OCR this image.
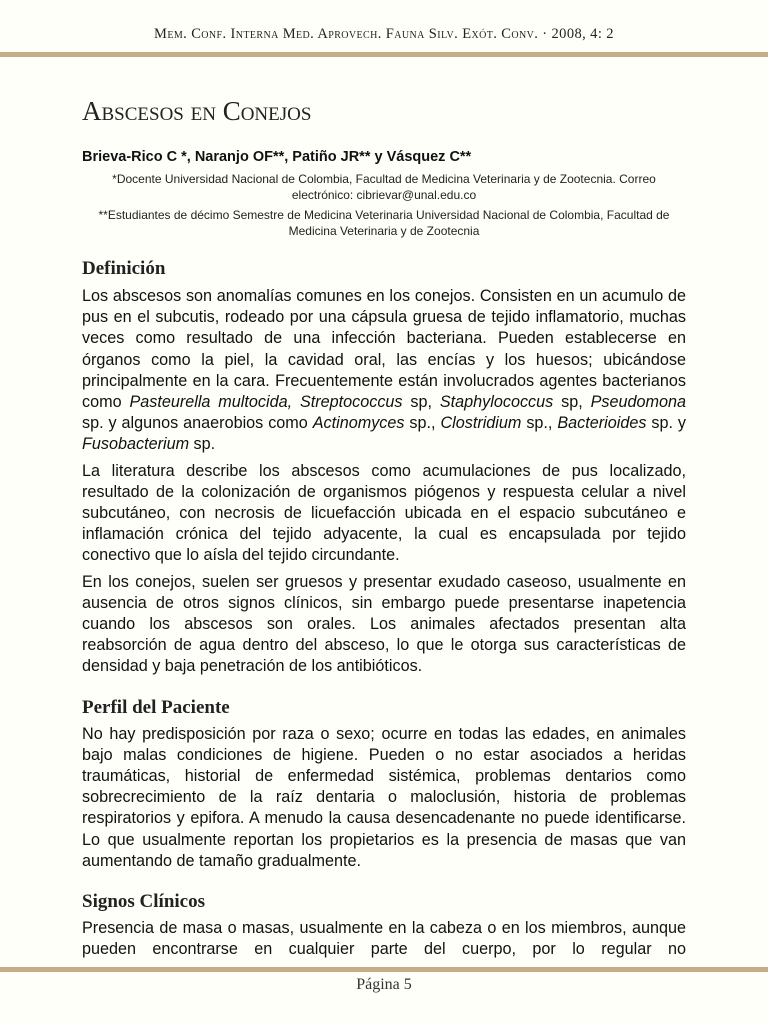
Mem. Conf. Interna Med. Aprovech. Fauna Silv. Exót. Conv. · 2008, 4: 2
Abscesos en Conejos

Brieva-Rico C *, Naranjo OF**, Patiño JR** y Vásquez C**

*Docente Universidad Nacional de Colombia, Facultad de Medicina Veterinaria y de Zootecnia. Correo electrónico: cibrievar@unal.edu.co

**Estudiantes de décimo Semestre de Medicina Veterinaria Universidad Nacional de Colombia, Facultad de Medicina Veterinaria y de Zootecnia

Definición

Los abscesos son anomalías comunes en los conejos. Consisten en un acumulo de pus en el subcutis, rodeado por una cápsula gruesa de tejido inflamatorio, muchas veces como resultado de una infección bacteriana. Pueden establecerse en órganos como la piel, la cavidad oral, las encías y los huesos; ubicándose principalmente en la cara. Frecuentemente están involucrados agentes bacterianos como Pasteurella multocida, Streptococcus sp, Staphylococcus sp, Pseudomona sp. y algunos anaerobios como Actinomyces sp., Clostridium sp., Bacterioides sp. y Fusobacterium sp.

La literatura describe los abscesos como acumulaciones de pus localizado, resultado de la colonización de organismos piógenos y respuesta celular a nivel subcutáneo, con necrosis de licuefacción ubicada en el espacio subcutáneo e inflamación crónica del tejido adyacente, la cual es encapsulada por tejido conectivo que lo aísla del tejido circundante.

En los conejos, suelen ser gruesos y presentar exudado caseoso, usualmente en ausencia de otros signos clínicos, sin embargo puede presentarse inapetencia cuando los abscesos son orales. Los animales afectados presentan alta reabsorción de agua dentro del absceso, lo que le otorga sus características de densidad y baja penetración de los antibióticos.

Perfil del Paciente

No hay predisposición por raza o sexo; ocurre en todas las edades, en animales bajo malas condiciones de higiene. Pueden o no estar asociados a heridas traumáticas, historial de enfermedad sistémica, problemas dentarios como sobrecrecimiento de la raíz dentaria o maloclusión, historia de problemas respiratorios y epifora. A menudo la causa desencadenante no puede identificarse. Lo que usualmente reportan los propietarios es la presencia de masas que van aumentando de tamaño gradualmente.

Signos Clínicos

Presencia de masa o masas, usualmente en la cabeza o en los miembros, aunque pueden encontrarse en cualquier parte del cuerpo, por lo regular no

Página 5
